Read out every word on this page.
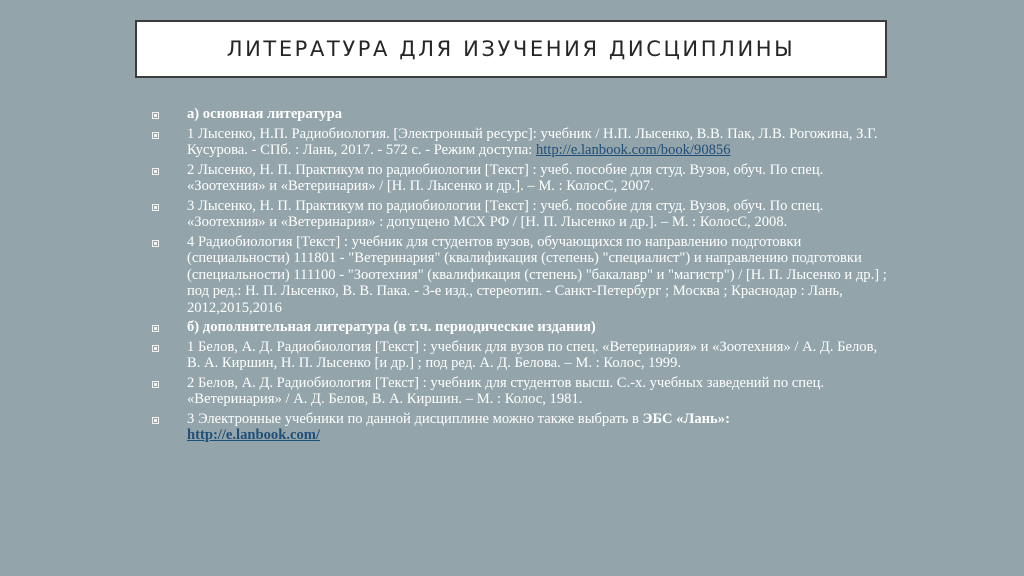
ЛИТЕРАТУРА ДЛЯ ИЗУЧЕНИЯ ДИСЦИПЛИНЫ
а) основная литература
1 Лысенко, Н.П. Радиобиология. [Электронный ресурс]: учебник / Н.П. Лысенко, В.В. Пак, Л.В. Рогожина, З.Г. Кусурова. - СПб. : Лань, 2017. - 572 с. - Режим доступа: http://e.lanbook.com/book/90856
2 Лысенко, Н. П. Практикум по радиобиологии [Текст] : учеб. пособие для студ. Вузов, обуч. По спец. «Зоотехния» и «Ветеринария» / [Н. П. Лысенко и др.]. – М. : КолосС, 2007.
3 Лысенко, Н. П. Практикум по радиобиологии [Текст] : учеб. пособие для студ. Вузов, обуч. По спец. «Зоотехния» и «Ветеринария» : допущено МСХ РФ / [Н. П. Лысенко и др.]. – М. : КолосС, 2008.
4 Радиобиология [Текст] : учебник для студентов вузов, обучающихся по направлению подготовки (специальности) 111801 - "Ветеринария" (квалификация (степень) "специалист") и направлению подготовки (специальности) 111100 - "Зоотехния" (квалификация (степень) "бакалавр" и "магистр") / [Н. П. Лысенко и др.] ; под ред.: Н. П. Лысенко, В. В. Пака. - 3-е изд., стереотип. - Санкт-Петербург ; Москва ; Краснодар : Лань, 2012,2015,2016
б) дополнительная литература (в т.ч. периодические издания)
1 Белов, А. Д. Радиобиология [Текст] : учебник для вузов по спец. «Ветеринария» и «Зоотехния» / А. Д. Белов, В. А. Киршин, Н. П. Лысенко [и др.] ; под ред. А. Д. Белова. – М. : Колос, 1999.
2 Белов, А. Д. Радиобиология [Текст] : учебник для студентов высш. С.-х. учебных заведений по спец. «Ветеринария» / А. Д. Белов, В. А. Киршин. – М. : Колос, 1981.
3 Электронные учебники по данной дисциплине можно также выбрать в ЭБС «Лань»:
http://e.lanbook.com/
